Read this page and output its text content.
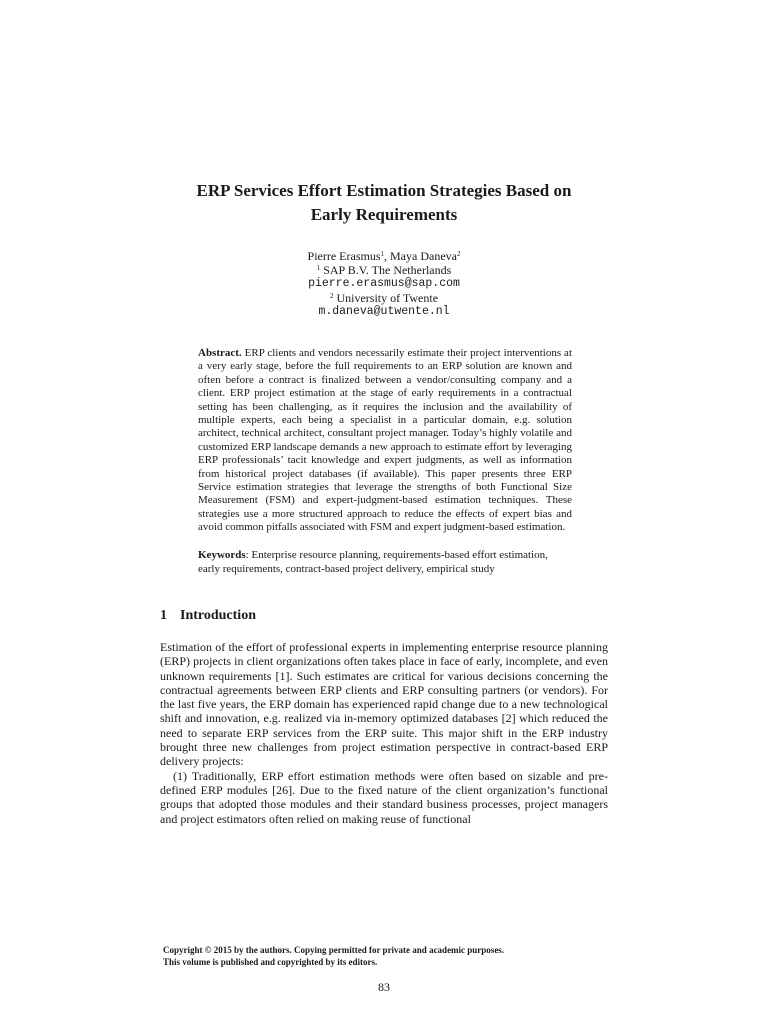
ERP Services Effort Estimation Strategies Based on
Early Requirements
Pierre Erasmus$^1$, Maya Daneva$^2$
$^1$ SAP B.V. The Netherlands
pierre.erasmus@sap.com
$^2$ University of Twente
m.daneva@utwente.nl
Abstract. ERP clients and vendors necessarily estimate their project interventions at a very early stage, before the full requirements to an ERP solution are known and often before a contract is finalized between a vendor/consulting company and a client. ERP project estimation at the stage of early requirements in a contractual setting has been challenging, as it requires the inclusion and the availability of multiple experts, each being a specialist in a particular domain, e.g. solution architect, technical architect, consultant project manager. Today’s highly volatile and customized ERP landscape demands a new approach to estimate effort by leveraging ERP professionals’ tacit knowledge and expert judgments, as well as information from historical project databases (if available). This paper presents three ERP Service estimation strategies that leverage the strengths of both Functional Size Measurement (FSM) and expert-judgment-based estimation techniques. These strategies use a more structured approach to reduce the effects of expert bias and avoid common pitfalls associated with FSM and expert judgment-based estimation.
Keywords: Enterprise resource planning, requirements-based effort estimation, early requirements, contract-based project delivery, empirical study
1 Introduction

Estimation of the effort of professional experts in implementing enterprise resource planning (ERP) projects in client organizations often takes place in face of early, incomplete, and even unknown requirements [1]. Such estimates are critical for various decisions concerning the contractual agreements between ERP clients and ERP consulting partners (or vendors). For the last five years, the ERP domain has experienced rapid change due to a new technological shift and innovation, e.g. realized via in-memory optimized databases [2] which reduced the need to separate ERP services from the ERP suite. This major shift in the ERP industry brought three new challenges from project estimation perspective in contract-based ERP delivery projects:

(1) Traditionally, ERP effort estimation methods were often based on sizable and pre-defined ERP modules [26]. Due to the fixed nature of the client organization’s functional groups that adopted those modules and their standard business processes, project managers and project estimators often relied on making reuse of functional

Copyright © 2015 by the authors. Copying permitted for private and academic purposes.
This volume is published and copyrighted by its editors.
83
